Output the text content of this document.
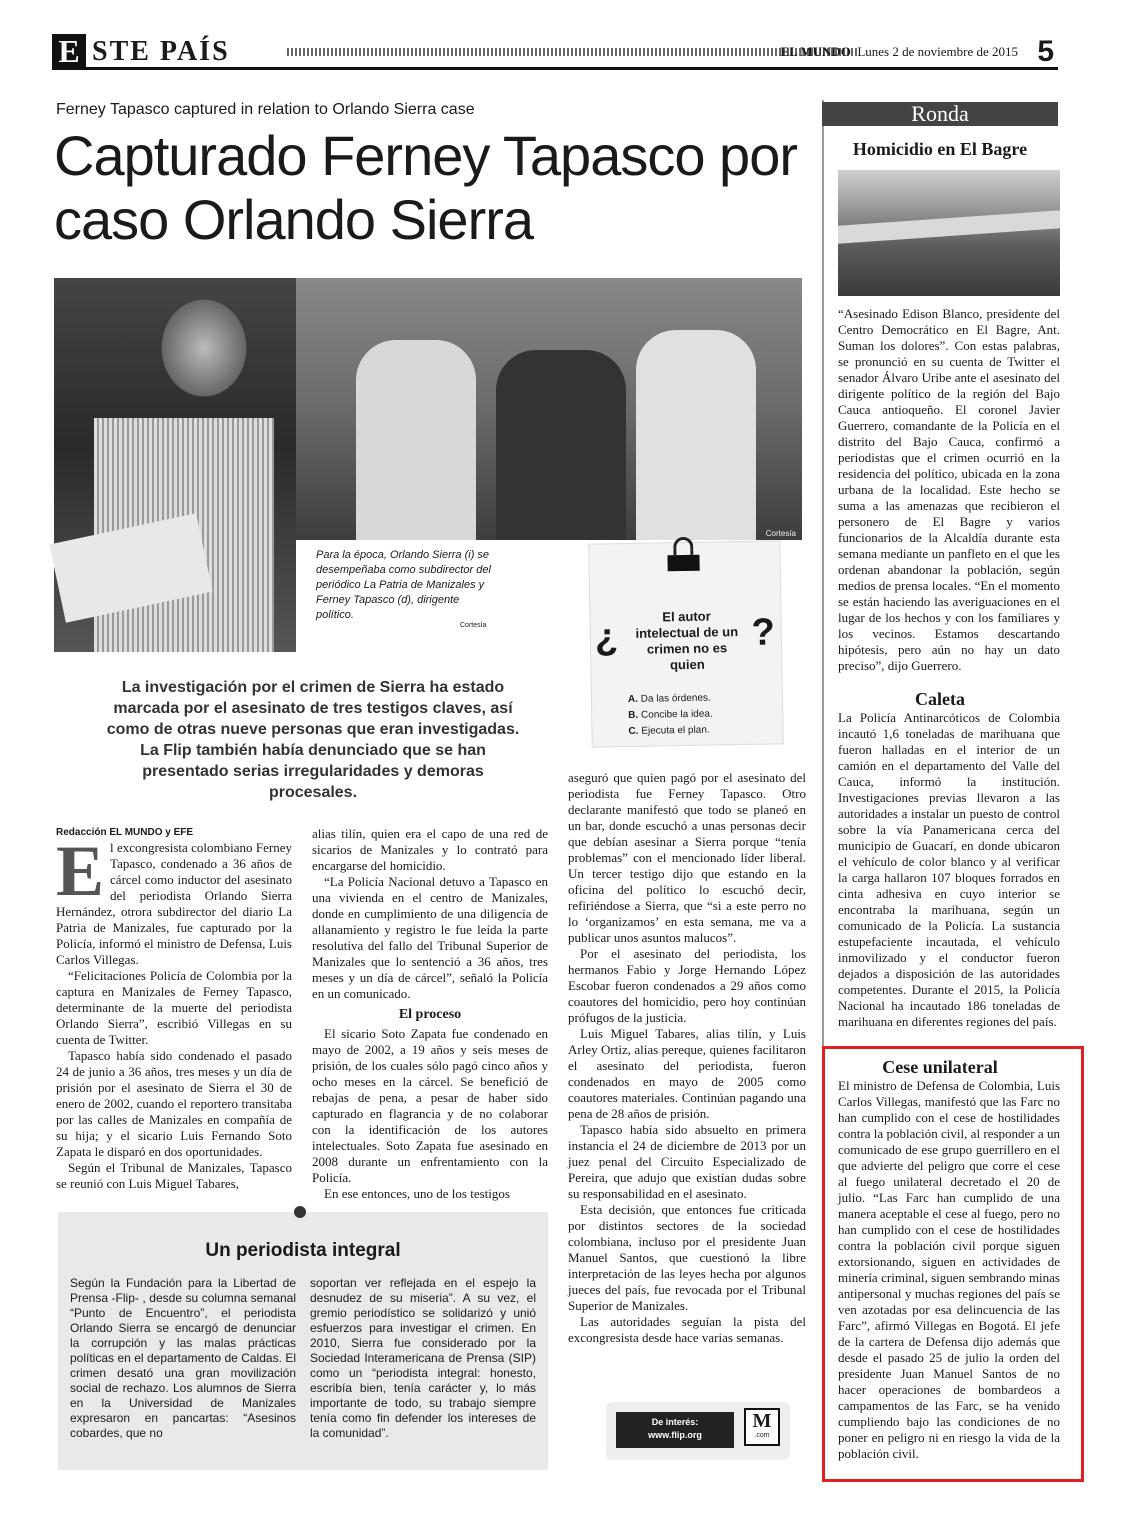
E STE PAÍS	EL MUNDO Lunes 2 de noviembre de 2015 5
Ferney Tapasco captured in relation to Orlando Sierra case
Capturado Ferney Tapasco por caso Orlando Sierra
Cortesía
Para la época, Orlando Sierra (i) se desempeñaba como subdirector del periódico La Patria de Manizales y Ferney Tapasco (d), dirigente político.
Cortesía	¿	El autor intelectual de un crimen no es quien
?
A. Da las órdenes.
B. Concibe la idea.
C. Ejecuta el plan.
La investigación por el crimen de Sierra ha estado marcada por el asesinato de tres testigos claves, así como de otras nueve personas que eran investigadas. La Flip también había denunciado que se han presentado serias irregularidades y demoras procesales.

Redacción EL MUNDO y EFE

El excongresista colombiano Ferney Tapasco, condenado a 36 años de cárcel como inductor del asesinato del periodista Orlando Sierra Hernández, otrora subdirector del diario La Patria de Manizales, fue capturado por la Policía, informó el ministro de Defensa, Luis Carlos Villegas.

“Felicitaciones Policía de Colombia por la captura en Manizales de Ferney Tapasco, determinante de la muerte del periodista Orlando Sierra”, escribió Villegas en su cuenta de Twitter.

Tapasco había sido condenado el pasado 24 de junio a 36 años, tres meses y un día de prisión por el asesinato de Sierra el 30 de enero de 2002, cuando el reportero transitaba por las calles de Manizales en compañía de su hija; y el sicario Luis Fernando Soto Zapata le disparó en dos oportunidades.

Según el Tribunal de Manizales, Tapasco se reunió con Luis Miguel Tabares,

alias tilín, quien era el capo de una red de sicarios de Manizales y lo contrató para encargarse del homicidio.

“La Policía Nacional detuvo a Tapasco en una vivienda en el centro de Manizales, donde en cumplimiento de una diligencia de allanamiento y registro le fue leída la parte resolutiva del fallo del Tribunal Superior de Manizales que lo sentenció a 36 años, tres meses y un día de cárcel”, señaló la Policía en un comunicado.

El proceso

El sicario Soto Zapata fue condenado en mayo de 2002, a 19 años y seis meses de prisión, de los cuales sólo pagó cinco años y ocho meses en la cárcel. Se benefició de rebajas de pena, a pesar de haber sido capturado en flagrancia y de no colaborar con la identificación de los autores intelectuales. Soto Zapata fue asesinado en 2008 durante un enfrentamiento con la Policía.

En ese entonces, uno de los testigos

aseguró que quien pagó por el asesinato del periodista fue Ferney Tapasco. Otro declarante manifestó que todo se planeó en un bar, donde escuchó a unas personas decir que debían asesinar a Sierra porque “tenía problemas” con el mencionado líder liberal. Un tercer testigo dijo que estando en la oficina del político lo escuchó decir, refiriéndose a Sierra, que “si a este perro no lo ‘organizamos’ en esta semana, me va a publicar unos asuntos malucos”.

Por el asesinato del periodista, los hermanos Fabio y Jorge Hernando López Escobar fueron condenados a 29 años como coautores del homicidio, pero hoy continúan prófugos de la justicia.

Luis Miguel Tabares, alias tilín, y Luis Arley Ortiz, alias pereque, quienes facilitaron el asesinato del periodista, fueron condenados en mayo de 2005 como coautores materiales. Continúan pagando una pena de 28 años de prisión.

Tapasco había sido absuelto en primera instancia el 24 de diciembre de 2013 por un juez penal del Circuito Especializado de Pereira, que adujo que existían dudas sobre su responsabilidad en el asesinato.

Esta decisión, que entonces fue criticada por distintos sectores de la sociedad colombiana, incluso por el presidente Juan Manuel Santos, que cuestionó la libre interpretación de las leyes hecha por algunos jueces del país, fue revocada por el Tribunal Superior de Manizales.

Las autoridades seguían la pista del excongresista desde hace varias semanas.

Un periodista integral
Según la Fundación para la Libertad de Prensa -Flip- , desde su columna semanal “Punto de Encuentro”, el periodista Orlando Sierra se encargó de denunciar la corrupción y las malas prácticas políticas en el departamento de Caldas. El crimen desató una gran movilización social de rechazo. Los alumnos de Sierra en la Universidad de Manizales expresaron en pancartas: “Asesinos cobardes, que no
soportan ver reflejada en el espejo la desnudez de su miseria”. A su vez, el gremio periodístico se solidarizó y unió esfuerzos para investigar el crimen. En 2010, Sierra fue considerado por la Sociedad Interamericana de Prensa (SIP) como un “periodista integral: honesto, escribía bien, tenía carácter y, lo más importante de todo, su trabajo siempre tenía como fin defender los intereses de la comunidad”.
De interés:
www.flip.org
M
.com
Ronda
Homicidio en El Bagre
“Asesinado Edison Blanco, presidente del Centro Democrático en El Bagre, Ant. Suman los dolores”. Con estas palabras, se pronunció en su cuenta de Twitter el senador Álvaro Uribe ante el asesinato del dirigente político de la región del Bajo Cauca antioqueño. El coronel Javier Guerrero, comandante de la Policía en el distrito del Bajo Cauca, confirmó a periodistas que el crimen ocurrió en la residencia del político, ubicada en la zona urbana de la localidad. Este hecho se suma a las amenazas que recibieron el personero de El Bagre y varios funcionarios de la Alcaldía durante esta semana mediante un panfleto en el que les ordenan abandonar la población, según medios de prensa locales. “En el momento se están haciendo las averiguaciones en el lugar de los hechos y con los familiares y los vecinos. Estamos descartando hipótesis, pero aún no hay un dato preciso”, dijo Guerrero.
Caleta
La Policía Antinarcóticos de Colombia incautó 1,6 toneladas de marihuana que fueron halladas en el interior de un camión en el departamento del Valle del Cauca, informó la institución. Investigaciones previas llevaron a las autoridades a instalar un puesto de control sobre la vía Panamericana cerca del municipio de Guacarí, en donde ubicaron el vehículo de color blanco y al verificar la carga hallaron 107 bloques forrados en cinta adhesiva en cuyo interior se encontraba la marihuana, según un comunicado de la Policía. La sustancia estupefaciente incautada, el vehículo inmovilizado y el conductor fueron dejados a disposición de las autoridades competentes. Durante el 2015, la Policía Nacional ha incautado 186 toneladas de marihuana en diferentes regiones del país.
Cese unilateral
El ministro de Defensa de Colombia, Luis Carlos Villegas, manifestó que las Farc no han cumplido con el cese de hostilidades contra la población civil, al responder a un comunicado de ese grupo guerrillero en el que advierte del peligro que corre el cese al fuego unilateral decretado el 20 de julio. “Las Farc han cumplido de una manera aceptable el cese al fuego, pero no han cumplido con el cese de hostilidades contra la población civil porque siguen extorsionando, siguen en actividades de minería criminal, siguen sembrando minas antipersonal y muchas regiones del país se ven azotadas por esa delincuencia de las Farc”, afirmó Villegas en Bogotá. El jefe de la cartera de Defensa dijo además que desde el pasado 25 de julio la orden del presidente Juan Manuel Santos de no hacer operaciones de bombardeos a campamentos de las Farc, se ha venido cumpliendo bajo las condiciones de no poner en peligro ni en riesgo la vida de la población civil.
